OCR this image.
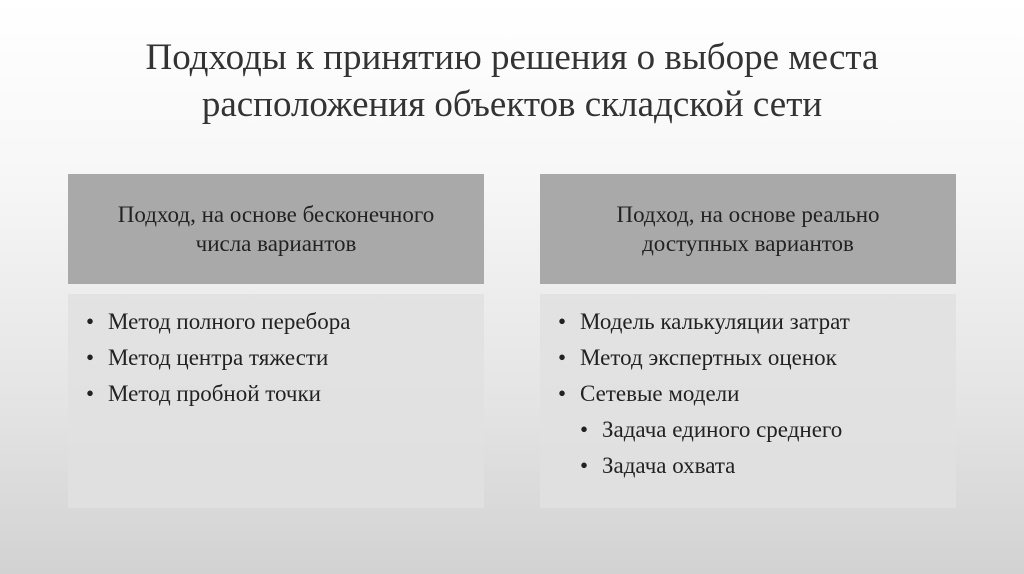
Подходы к принятию решения о выборе места расположения объектов складской сети
Подход, на основе бесконечного числа вариантов
• Метод полного перебора
• Метод центра тяжести
• Метод пробной точки
Подход, на основе реально доступных вариантов
• Модель калькуляции затрат
• Метод экспертных оценок
• Сетевые модели
• Задача единого среднего
• Задача охвата
